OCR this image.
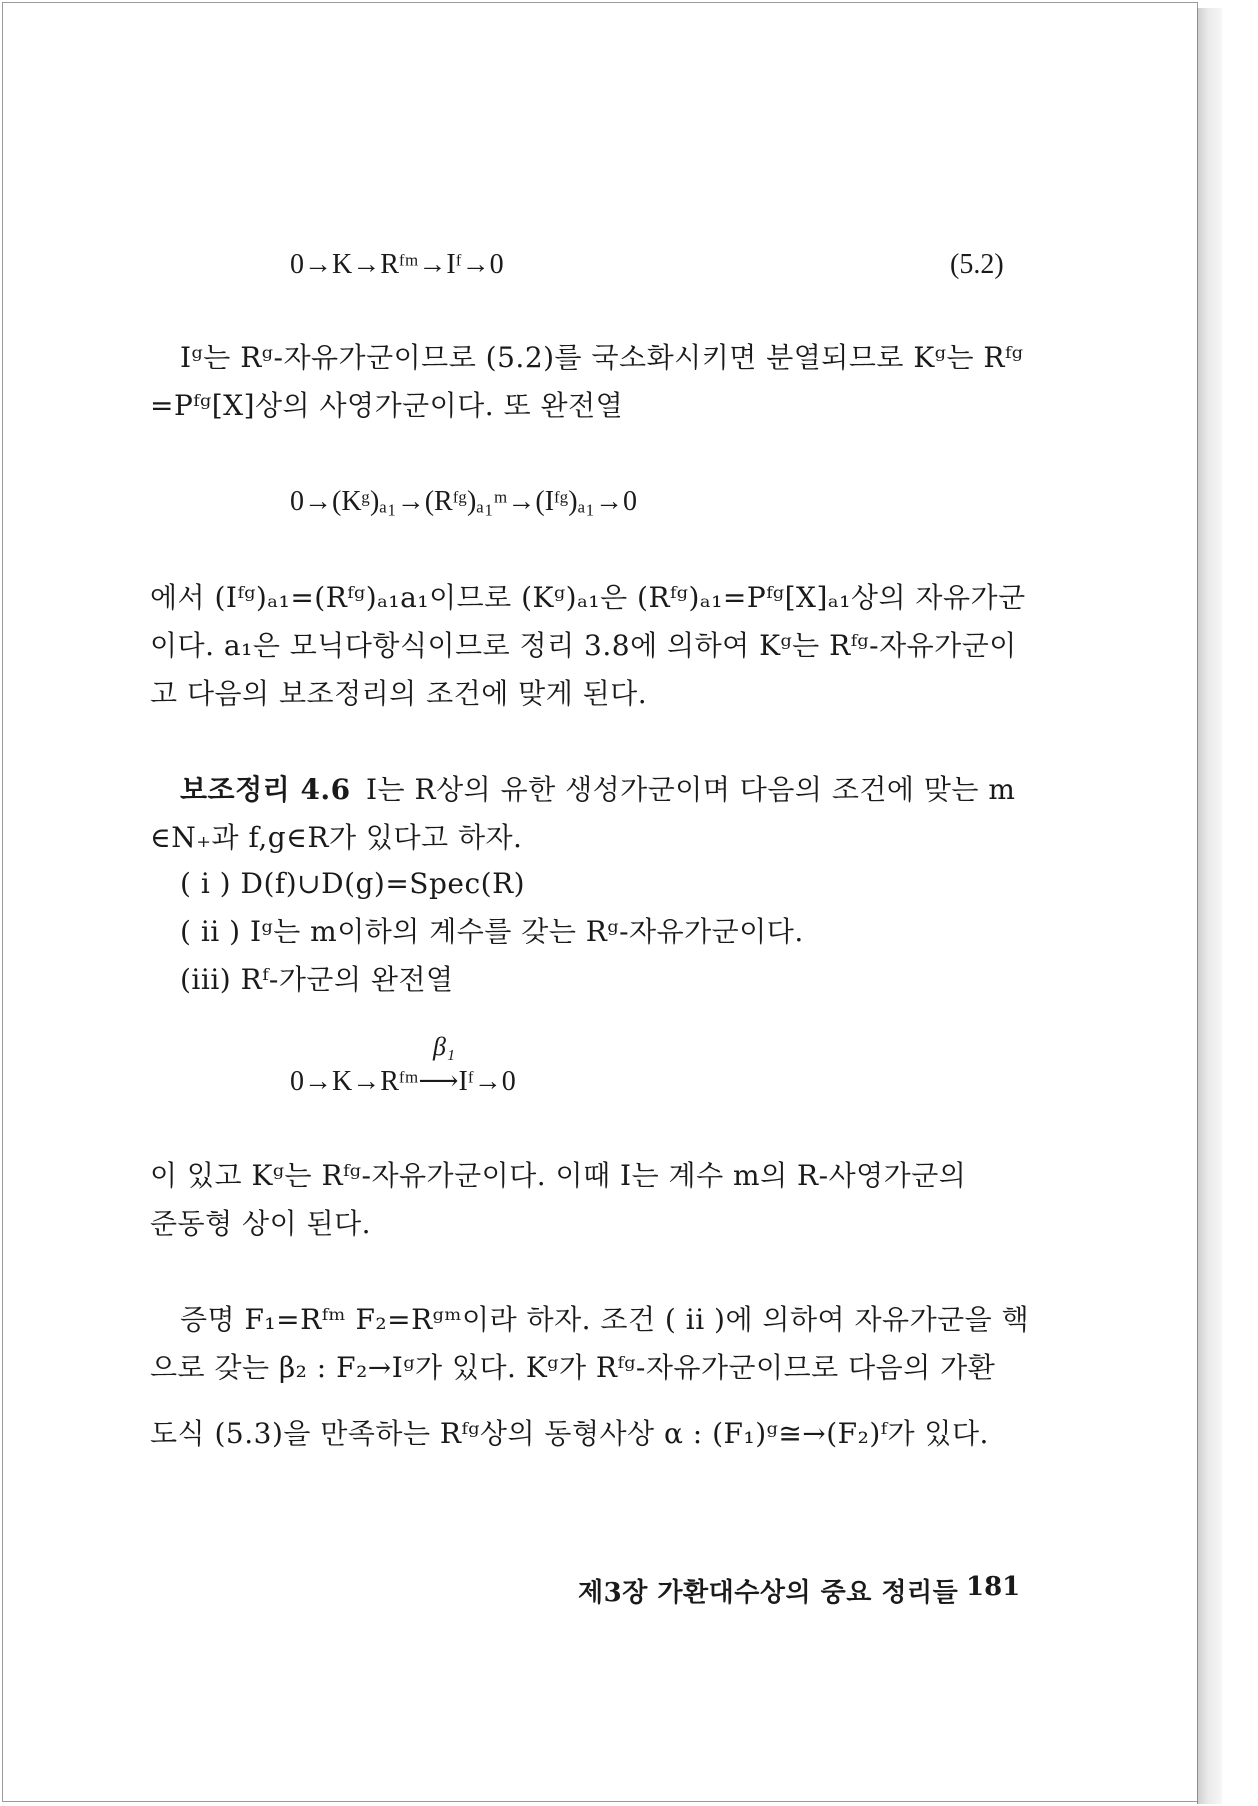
0→K→Rᶠᵐ→Iᶠ→0	(5.2)
Iᵍ는 Rᵍ-자유가군이므로 (5.2)를 국소화시키면 분열되므로 Kᵍ는 Rᶠᵍ
=Pᶠᵍ[X]상의 사영가군이다. 또 완전열
0→(Kᵍ)ₐ₁→(Rᶠᵍ)ₐ₁ᵐ→(Iᶠᵍ)ₐ₁→0
에서 (Iᶠᵍ)ₐ₁=(Rᶠᵍ)ₐ₁a₁이므로 (Kᵍ)ₐ₁은 (Rᶠᵍ)ₐ₁=Pᶠᵍ[X]ₐ₁상의 자유가군
이다. a₁은 모닉다항식이므로 정리 3.8에 의하여 Kᵍ는 Rᶠᵍ-자유가군이
고 다음의 보조정리의 조건에 맞게 된다.
보조정리 4.6 I는 R상의 유한 생성가군이며 다음의 조건에 맞는 m
∈N₊과 f,g∈R가 있다고 하자.
( i ) D(f)∪D(g)=Spec(R)
( ii ) Iᵍ는 m이하의 계수를 갖는 Rᵍ-자유가군이다.
(iii) Rᶠ-가군의 완전열
β₁
0→K→Rᶠᵐ⟶Iᶠ→0
이 있고 Kᵍ는 Rᶠᵍ-자유가군이다. 이때 I는 계수 m의 R-사영가군의
준동형 상이 된다.
증명 F₁=Rᶠᵐ F₂=Rᵍᵐ이라 하자. 조건 ( ii )에 의하여 자유가군을 핵
으로 갖는 β₂ : F₂→Iᵍ가 있다. Kᵍ가 Rᶠᵍ-자유가군이므로 다음의 가환
도식 (5.3)을 만족하는 Rᶠᵍ상의 동형사상 α : (F₁)ᵍ≅→(F₂)ᶠ가 있다.
제3장 가환대수상의 중요 정리들 181
